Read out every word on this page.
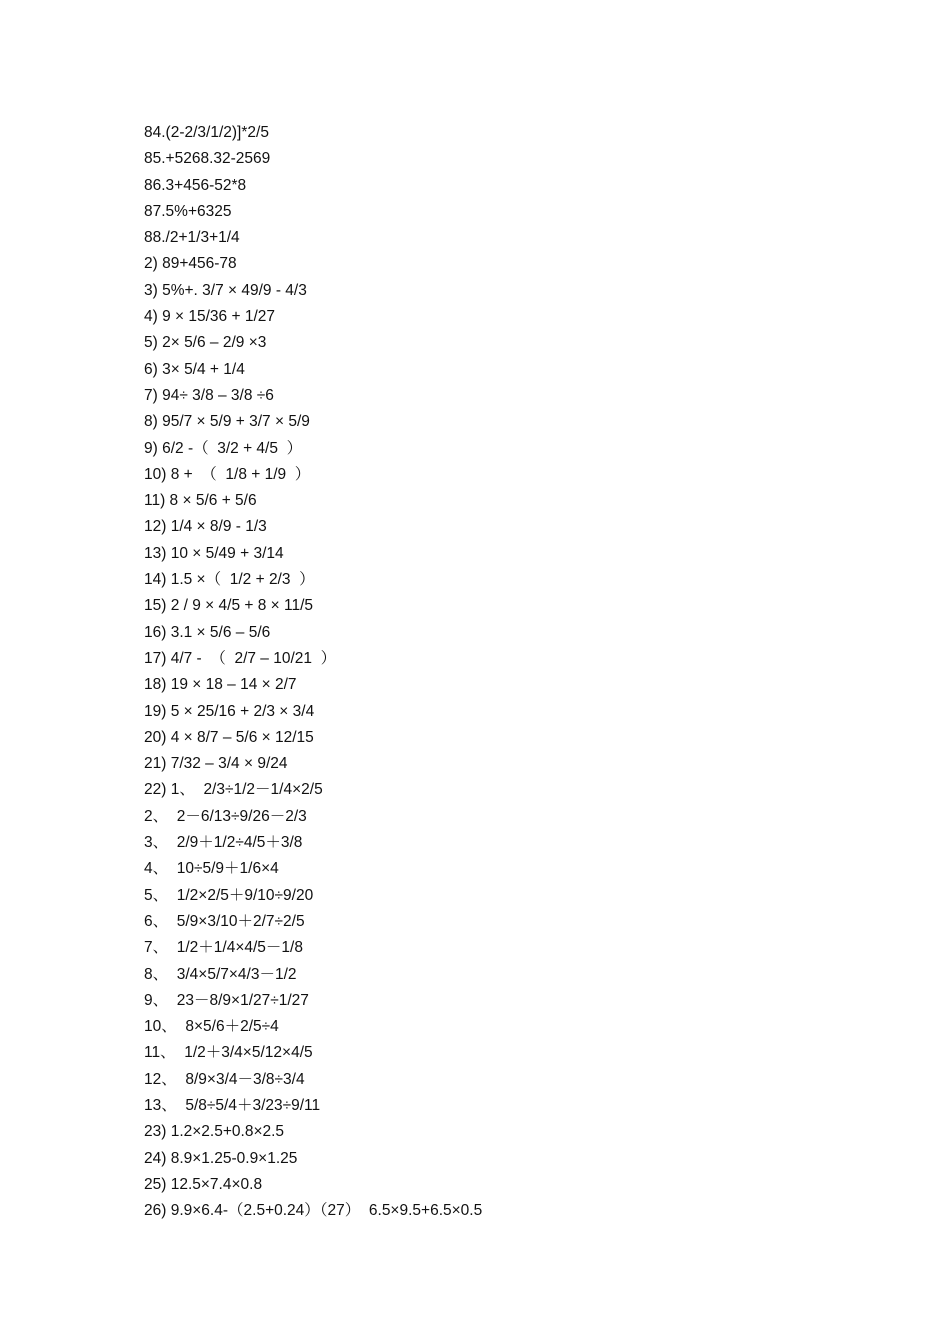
84.(2-2/3/1/2)]*2/5
85.+5268.32-2569
86.3+456-52*8
87.5%+6325
88./2+1/3+1/4
2) 89+456-78
3) 5%+. 3/7 × 49/9 - 4/3
4) 9 × 15/36 + 1/27
5) 2× 5/6 – 2/9 ×3
6) 3× 5/4 + 1/4
7) 94÷ 3/8 – 3/8 ÷6
8) 95/7 × 5/9 + 3/7 × 5/9
9) 6/2 -（  3/2 + 4/5  ）
10) 8 +  （  1/8 + 1/9  ）
11) 8 × 5/6 + 5/6
12) 1/4 × 8/9 - 1/3
13) 10 × 5/49 + 3/14
14) 1.5 ×（  1/2 + 2/3  ）
15) 2 / 9 × 4/5 + 8 × 11/5
16) 3.1 × 5/6 – 5/6
17) 4/7 -  （  2/7 – 10/21  ）
18) 19 × 18 – 14 × 2/7
19) 5 × 25/16 + 2/3 × 3/4
20) 4 × 8/7 – 5/6 × 12/15
21) 7/32 – 3/4 × 9/24
22) 1、  2/3÷1/2－1/4×2/5
2、  2－6/13÷9/26－2/3
3、  2/9＋1/2÷4/5＋3/8
4、  10÷5/9＋1/6×4
5、  1/2×2/5＋9/10÷9/20
6、  5/9×3/10＋2/7÷2/5
7、  1/2＋1/4×4/5－1/8
8、  3/4×5/7×4/3－1/2
9、  23－8/9×1/27÷1/27
10、  8×5/6＋2/5÷4
11、  1/2＋3/4×5/12×4/5
12、  8/9×3/4－3/8÷3/4
13、  5/8÷5/4＋3/23÷9/11
23) 1.2×2.5+0.8×2.5
24) 8.9×1.25-0.9×1.25
25) 12.5×7.4×0.8
26) 9.9×6.4-（2.5+0.24）（27）  6.5×9.5+6.5×0.5
